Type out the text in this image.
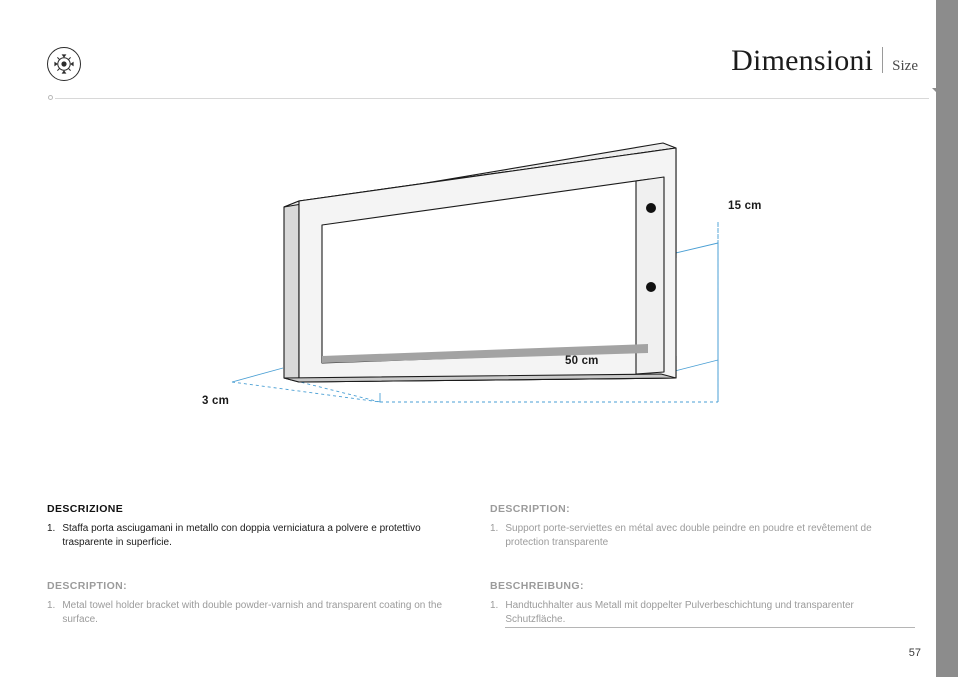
Dimensioni Size
15 cm
50 cm
3 cm
DESCRIZIONE
1. Staffa porta asciugamani in metallo con doppia verniciatura a polvere e protettivo trasparente in superficie.
DESCRIPTION:
1. Support porte-serviettes en métal avec double peindre en poudre et revêtement de protection transparente
DESCRIPTION:
1. Metal towel holder bracket with double powder-varnish and transparent coating on the surface.
BESCHREIBUNG:
1. Handtuchhalter aus Metall mit doppelter Pulverbeschichtung und transparenter Schutzfläche.
57
